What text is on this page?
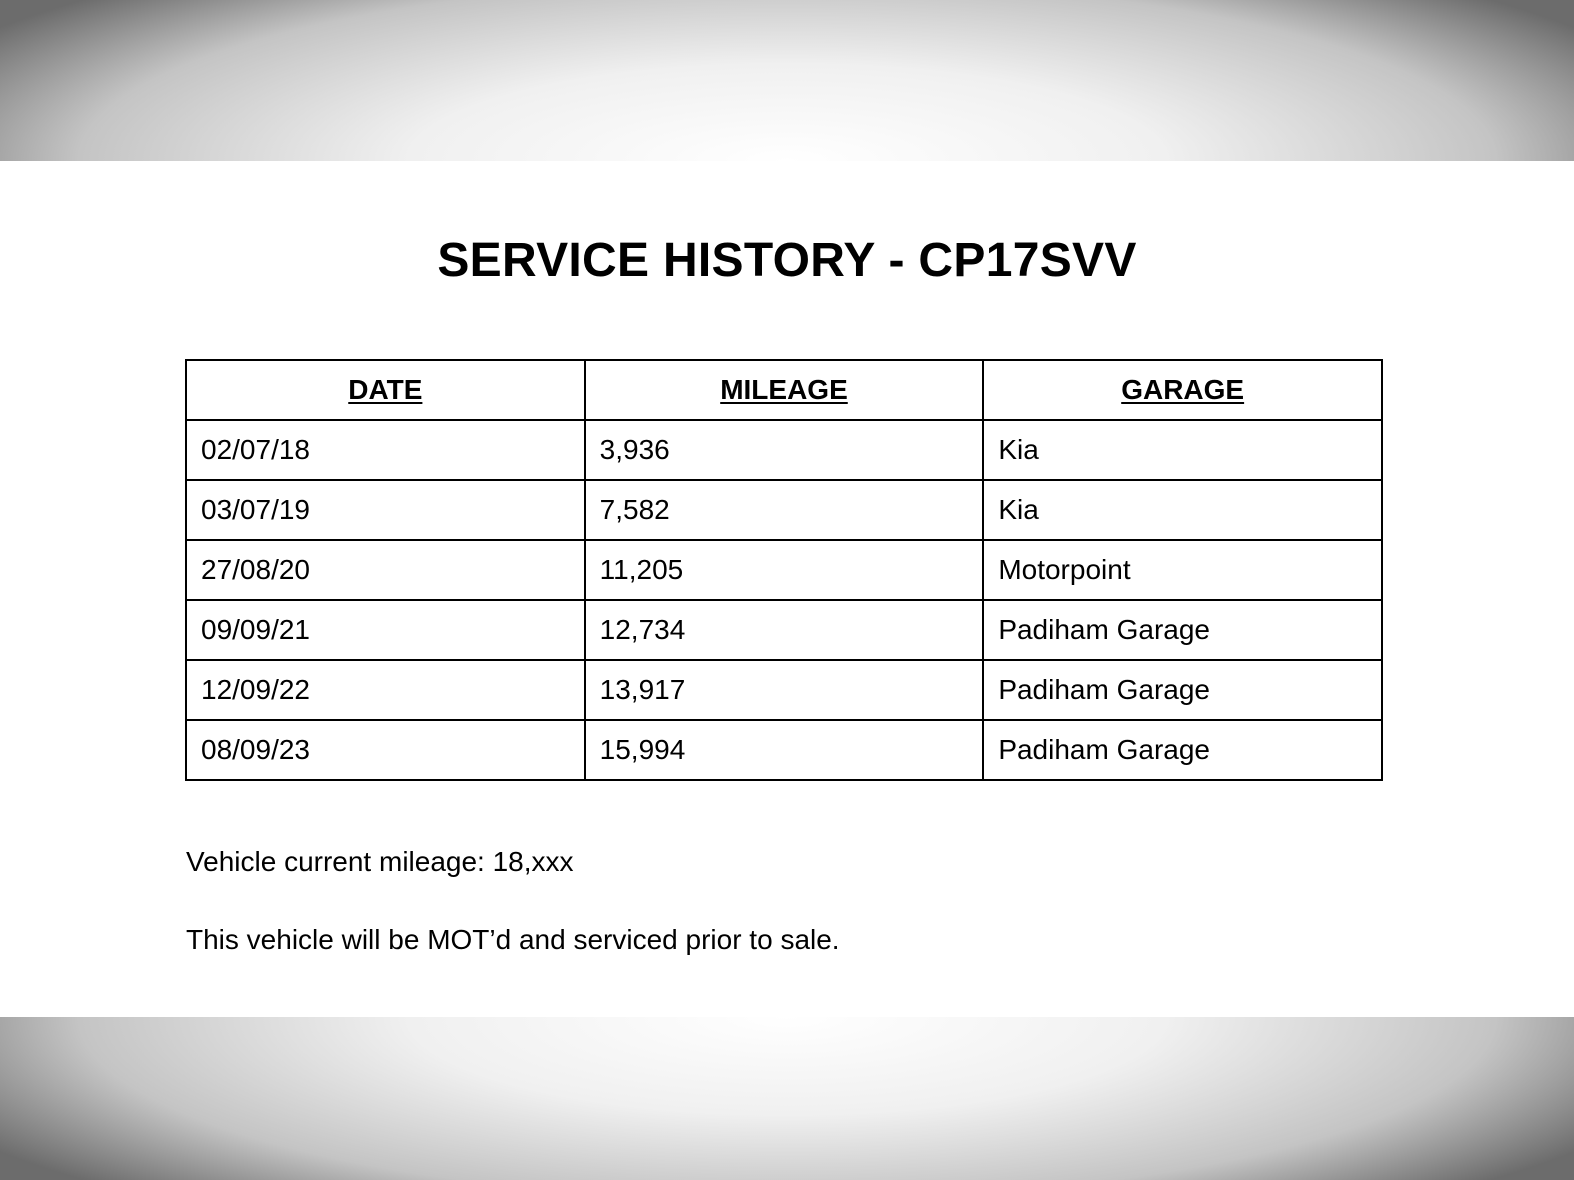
SERVICE HISTORY - CP17SVV
DATE	MILEAGE	GARAGE
02/07/18	3,936	Kia
03/07/19	7,582	Kia
27/08/20	11,205	Motorpoint
09/09/21	12,734	Padiham Garage
12/09/22	13,917	Padiham Garage
08/09/23	15,994	Padiham Garage
Vehicle current mileage: 18,xxx
This vehicle will be MOT’d and serviced prior to sale.
